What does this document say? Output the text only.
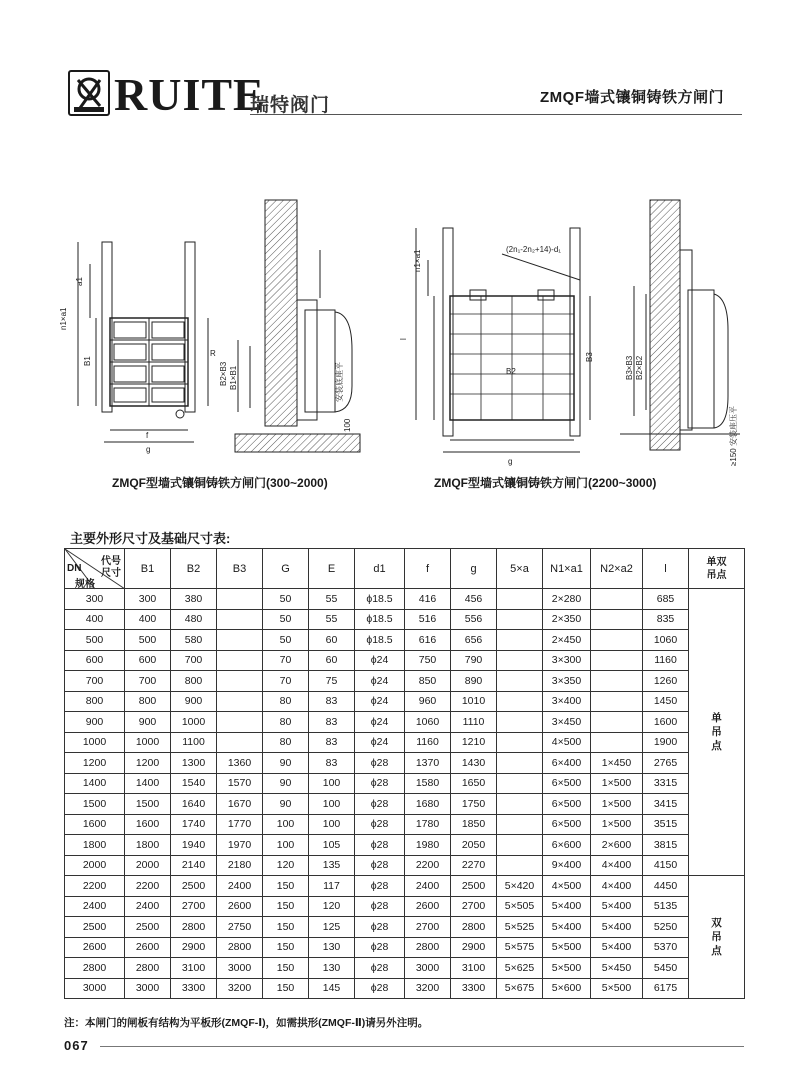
RUITE
瑞特阀门	ZMQF墙式镶铜铸铁方闸门
n1×a1
a1
B1
g
f
R
B2×B3 B1×B1	安装底座平
100
l
n1×a1
(2n₁-2n₂+14)-d₁
B2
g
B3	B3×B3 B2×B2
≥150 安装座压平
ZMQF型墙式镶铜铸铁方闸门(300~2000)	ZMQF型墙式镶铜铸铁方闸门(2200~3000)
主要外形尺寸及基础尺寸表:
代号
尺寸
DN
规格	B1	B2	B3	G	E	d1	f	g	5×a	N1×a1	N2×a2	l	单双
吊点

300	300	380		50	55	ϕ18.5	416	456		2×280		685	单
吊
点

400	400	480		50	55	ϕ18.5	516	556		2×350		835	
500	500	580		50	60	ϕ18.5	616	656		2×450		1060	
600	600	700		70	60	ϕ24	750	790		3×300		1160	
700	700	800		70	75	ϕ24	850	890		3×350		1260	
800	800	900		80	83	ϕ24	960	1010		3×400		1450	
900	900	1000		80	83	ϕ24	1060	1110		3×450		1600	
1000	1000	1100		80	83	ϕ24	1160	1210		4×500		1900	
1200	1200	1300	1360	90	83	ϕ28	1370	1430		6×400	1×450	2765	
1400	1400	1540	1570	90	100	ϕ28	1580	1650		6×500	1×500	3315	
1500	1500	1640	1670	90	100	ϕ28	1680	1750		6×500	1×500	3415	
1600	1600	1740	1770	100	100	ϕ28	1780	1850		6×500	1×500	3515	
1800	1800	1940	1970	100	105	ϕ28	1980	2050		6×600	2×600	3815	
2000	2000	2140	2180	120	135	ϕ28	2200	2270		9×400	4×400	4150	
2200	2200	2500	2400	150	117	ϕ28	2400	2500	5×420	4×500	4×400	4450	双
吊
点

2400	2400	2700	2600	150	120	ϕ28	2600	2700	5×505	5×400	5×400	5135	
2500	2500	2800	2750	150	125	ϕ28	2700	2800	5×525	5×400	5×400	5250	
2600	2600	2900	2800	150	130	ϕ28	2800	2900	5×575	5×500	5×400	5370	
2800	2800	3100	3000	150	130	ϕ28	3000	3100	5×625	5×500	5×450	5450	
3000	3000	3300	3200	150	145	ϕ28	3200	3300	5×675	5×600	5×500	6175	
注：本闸门的闸板有结构为平板形(ZMQF-Ⅰ)，如需拱形(ZMQF-Ⅱ)请另外注明。
067
